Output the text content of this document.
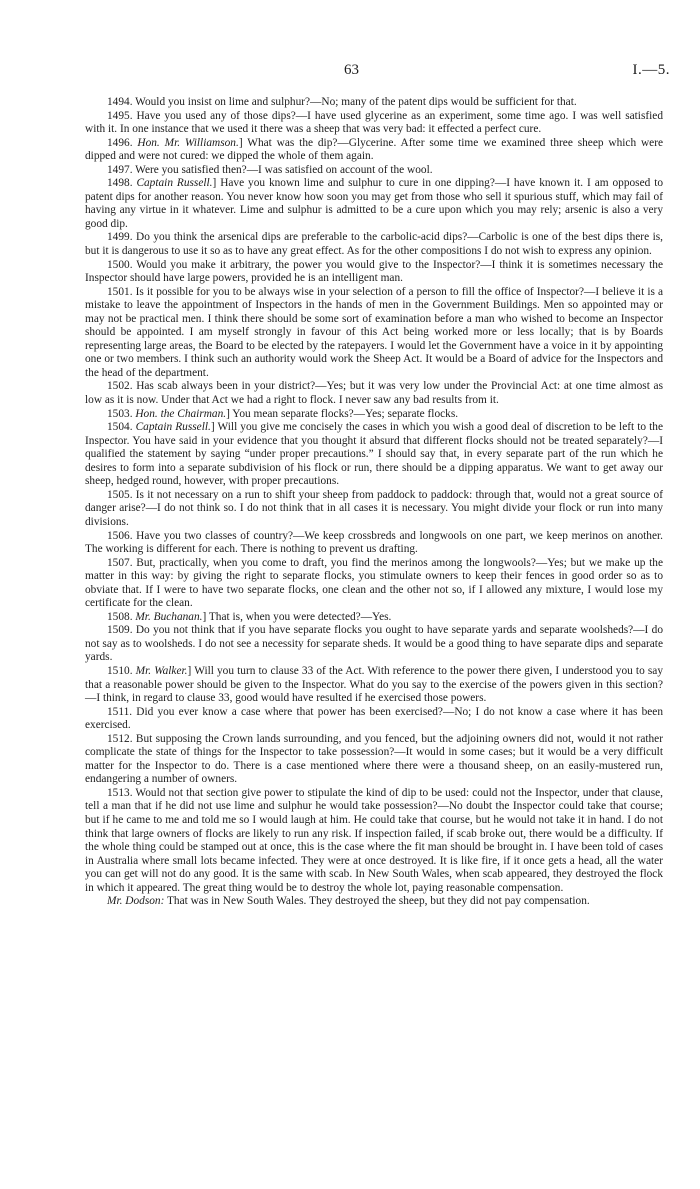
63	I.—5.

1494. Would you insist on lime and sulphur?—No; many of the patent dips would be sufficient for that.

1495. Have you used any of those dips?—I have used glycerine as an experiment, some time ago. I was well satisfied with it. In one instance that we used it there was a sheep that was very bad: it effected a perfect cure.

1496. Hon. Mr. Williamson.] What was the dip?—Glycerine. After some time we examined three sheep which were dipped and were not cured: we dipped the whole of them again.

1497. Were you satisfied then?—I was satisfied on account of the wool.

1498. Captain Russell.] Have you known lime and sulphur to cure in one dipping?—I have known it. I am opposed to patent dips for another reason. You never know how soon you may get from those who sell it spurious stuff, which may fail of having any virtue in it whatever. Lime and sulphur is admitted to be a cure upon which you may rely; arsenic is also a very good dip.

1499. Do you think the arsenical dips are preferable to the carbolic-acid dips?—Carbolic is one of the best dips there is, but it is dangerous to use it so as to have any great effect. As for the other compositions I do not wish to express any opinion.

1500. Would you make it arbitrary, the power you would give to the Inspector?—I think it is sometimes necessary the Inspector should have large powers, provided he is an intelligent man.

1501. Is it possible for you to be always wise in your selection of a person to fill the office of Inspector?—I believe it is a mistake to leave the appointment of Inspectors in the hands of men in the Government Buildings. Men so appointed may or may not be practical men. I think there should be some sort of examination before a man who wished to become an Inspector should be appointed. I am myself strongly in favour of this Act being worked more or less locally; that is by Boards representing large areas, the Board to be elected by the ratepayers. I would let the Government have a voice in it by appointing one or two members. I think such an authority would work the Sheep Act. It would be a Board of advice for the Inspectors and the head of the department.

1502. Has scab always been in your district?—Yes; but it was very low under the Provincial Act: at one time almost as low as it is now. Under that Act we had a right to flock. I never saw any bad results from it.

1503. Hon. the Chairman.] You mean separate flocks?—Yes; separate flocks.

1504. Captain Russell.] Will you give me concisely the cases in which you wish a good deal of discretion to be left to the Inspector. You have said in your evidence that you thought it absurd that different flocks should not be treated separately?—I qualified the statement by saying “under proper precautions.” I should say that, in every separate part of the run which he desires to form into a separate subdivision of his flock or run, there should be a dipping apparatus. We want to get away our sheep, hedged round, however, with proper precautions.

1505. Is it not necessary on a run to shift your sheep from paddock to paddock: through that, would not a great source of danger arise?—I do not think so. I do not think that in all cases it is necessary. You might divide your flock or run into many divisions.

1506. Have you two classes of country?—We keep crossbreds and longwools on one part, we keep merinos on another. The working is different for each. There is nothing to prevent us drafting.

1507. But, practically, when you come to draft, you find the merinos among the longwools?—Yes; but we make up the matter in this way: by giving the right to separate flocks, you stimulate owners to keep their fences in good order so as to obviate that. If I were to have two separate flocks, one clean and the other not so, if I allowed any mixture, I would lose my certificate for the clean.

1508. Mr. Buchanan.] That is, when you were detected?—Yes.

1509. Do you not think that if you have separate flocks you ought to have separate yards and separate woolsheds?—I do not say as to woolsheds. I do not see a necessity for separate sheds. It would be a good thing to have separate dips and separate yards.

1510. Mr. Walker.] Will you turn to clause 33 of the Act. With reference to the power there given, I understood you to say that a reasonable power should be given to the Inspector. What do you say to the exercise of the powers given in this section?—I think, in regard to clause 33, good would have resulted if he exercised those powers.

1511. Did you ever know a case where that power has been exercised?—No; I do not know a case where it has been exercised.

1512. But supposing the Crown lands surrounding, and you fenced, but the adjoining owners did not, would it not rather complicate the state of things for the Inspector to take possession?—It would in some cases; but it would be a very difficult matter for the Inspector to do. There is a case mentioned where there were a thousand sheep, on an easily-mustered run, endangering a number of owners.

1513. Would not that section give power to stipulate the kind of dip to be used: could not the Inspector, under that clause, tell a man that if he did not use lime and sulphur he would take possession?—No doubt the Inspector could take that course; but if he came to me and told me so I would laugh at him. He could take that course, but he would not take it in hand. I do not think that large owners of flocks are likely to run any risk. If inspection failed, if scab broke out, there would be a difficulty. If the whole thing could be stamped out at once, this is the case where the fit man should be brought in. I have been told of cases in Australia where small lots became infected. They were at once destroyed. It is like fire, if it once gets a head, all the water you can get will not do any good. It is the same with scab. In New South Wales, when scab appeared, they destroyed the flock in which it appeared. The great thing would be to destroy the whole lot, paying reasonable compensation.

Mr. Dodson: That was in New South Wales. They destroyed the sheep, but they did not pay compensation.
